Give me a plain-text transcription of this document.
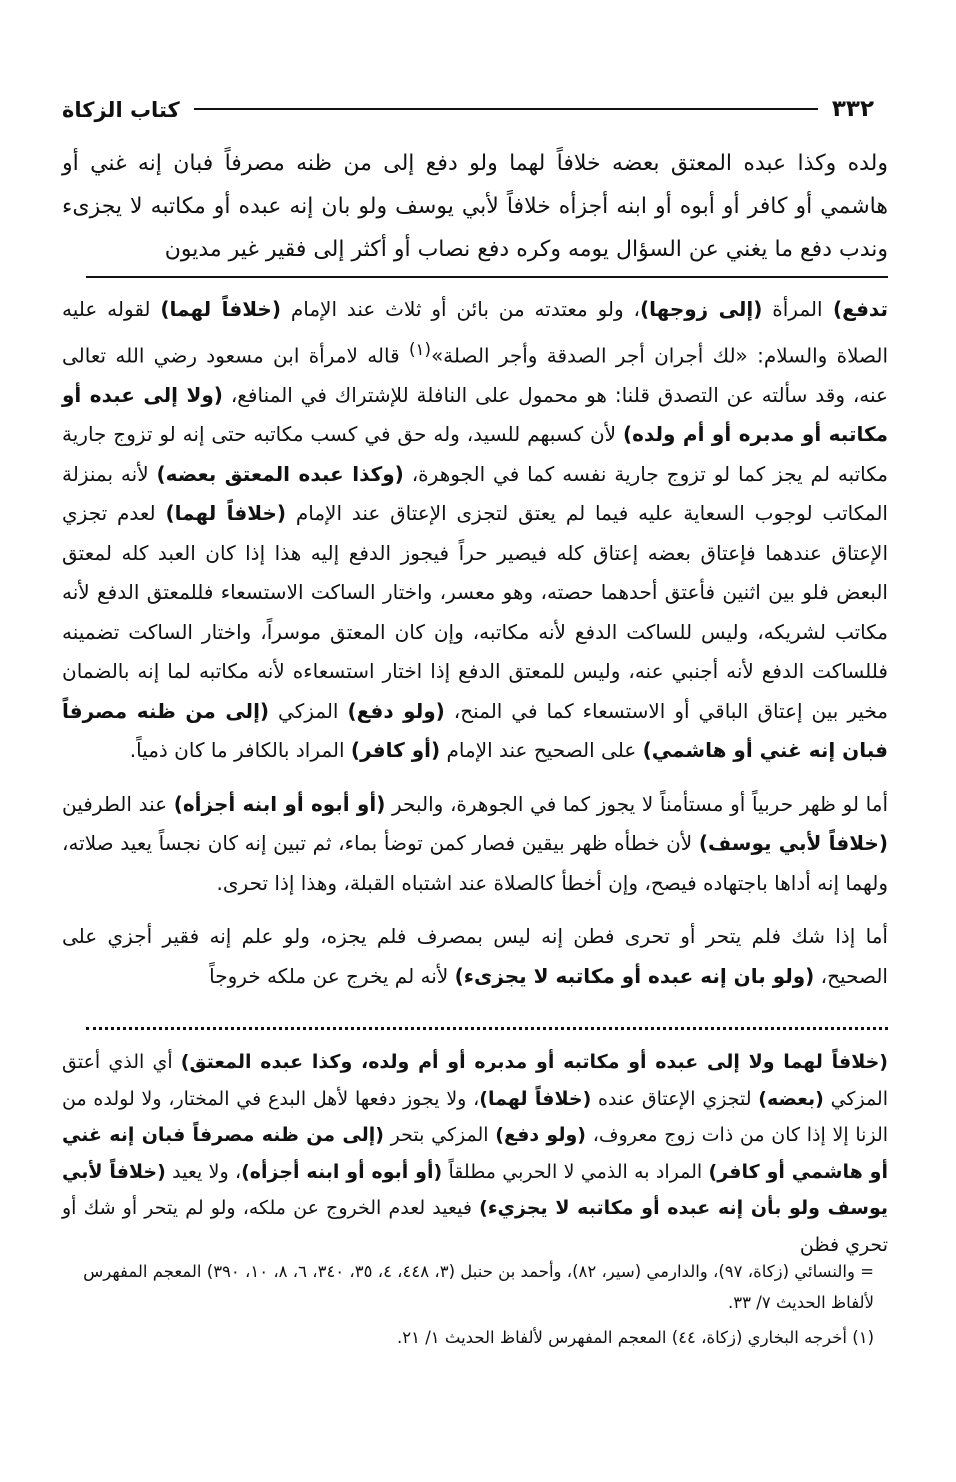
٣٣٢
كتاب الزكاة

ولده وكذا عبده المعتق بعضه خلافاً لهما ولو دفع إلى من ظنه مصرفاً فبان إنه غني أو هاشمي أو كافر أو أبوه أو ابنه أجزأه خلافاً لأبي يوسف ولو بان إنه عبده أو مكاتبه لا يجزىء وندب دفع ما يغني عن السؤال يومه وكره دفع نصاب أو أكثر إلى فقير غير مديون

تدفع) المرأة (إلى زوجها)، ولو معتدته من بائن أو ثلاث عند الإمام (خلافاً لهما) لقوله عليه الصلاة والسلام: «لك أجران أجر الصدقة وأجر الصلة»$^{(١)}$ قاله لامرأة ابن مسعود رضي الله تعالى عنه، وقد سألته عن التصدق قلنا: هو محمول على النافلة للإشتراك في المنافع، (ولا إلى عبده أو مكاتبه أو مدبره أو أم ولده) لأن كسبهم للسيد، وله حق في كسب مكاتبه حتى إنه لو تزوج جارية مكاتبه لم يجز كما لو تزوج جارية نفسه كما في الجوهرة، (وكذا عبده المعتق بعضه) لأنه بمنزلة المكاتب لوجوب السعاية عليه فيما لم يعتق لتجزى الإعتاق عند الإمام (خلافاً لهما) لعدم تجزي الإعتاق عندهما فإعتاق بعضه إعتاق كله فيصير حراً فيجوز الدفع إليه هذا إذا كان العبد كله لمعتق البعض فلو بين اثنين فأعتق أحدهما حصته، وهو معسر، واختار الساكت الاستسعاء فللمعتق الدفع لأنه مكاتب لشريكه، وليس للساكت الدفع لأنه مكاتبه، وإن كان المعتق موسراً، واختار الساكت تضمينه فللساكت الدفع لأنه أجنبي عنه، وليس للمعتق الدفع إذا اختار استسعاءه لأنه مكاتبه لما إنه بالضمان مخير بين إعتاق الباقي أو الاستسعاء كما في المنح، (ولو دفع) المزكي (إلى من ظنه مصرفاً فبان إنه غني أو هاشمي) على الصحيح عند الإمام (أو كافر) المراد بالكافر ما كان ذمياً.

أما لو ظهر حربياً أو مستأمناً لا يجوز كما في الجوهرة، والبحر (أو أبوه أو ابنه أجزأه) عند الطرفين (خلافاً لأبي يوسف) لأن خطأه ظهر بيقين فصار كمن توضأ بماء، ثم تبين إنه كان نجساً يعيد صلاته، ولهما إنه أداها باجتهاده فيصح، وإن أخطأ كالصلاة عند اشتباه القبلة، وهذا إذا تحرى.

أما إذا شك فلم يتحر أو تحرى فطن إنه ليس بمصرف فلم يجزه، ولو علم إنه فقير أجزي على الصحيح، (ولو بان إنه عبده أو مكاتبه لا يجزىء) لأنه لم يخرج عن ملكه خروجاً

(خلافاً لهما ولا إلى عبده أو مكاتبه أو مدبره أو أم ولده، وكذا عبده المعتق) أي الذي أعتق المزكي (بعضه) لتجزي الإعتاق عنده (خلافاً لهما)، ولا يجوز دفعها لأهل البدع في المختار، ولا لولده من الزنا إلا إذا كان من ذات زوج معروف، (ولو دفع) المزكي بتحر (إلى من ظنه مصرفاً فبان إنه غني أو هاشمي أو كافر) المراد به الذمي لا الحربي مطلقاً (أو أبوه أو ابنه أجزأه)، ولا يعيد (خلافاً لأبي يوسف ولو بأن إنه عبده أو مكاتبه لا يجزيء) فيعيد لعدم الخروج عن ملكه، ولو لم يتحر أو شك أو تحري فظن

= والنسائي (زكاة، ٩٧)، والدارمي (سير، ٨٢)، وأحمد بن حنبل (٣، ٤٤٨، ٤، ٣٥، ٣٤٠، ٦، ٨، ١٠، ٣٩٠) المعجم المفهرس لألفاظ الحديث ٧/ ٣٣.
(١) أخرجه البخاري (زكاة، ٤٤) المعجم المفهرس لألفاظ الحديث ١/ ٢١.
